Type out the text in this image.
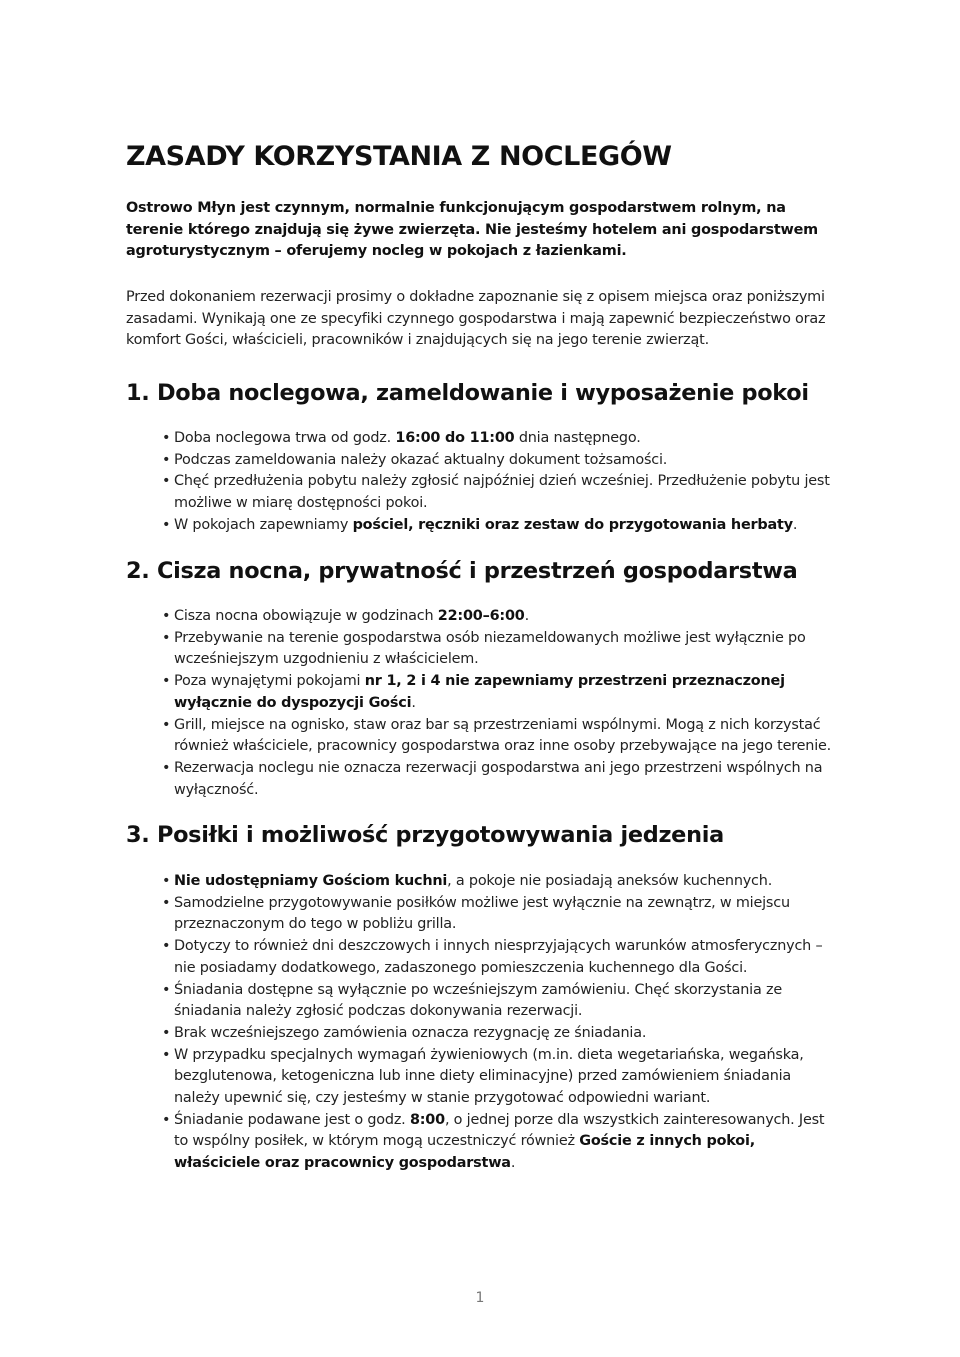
ZASADY KORZYSTANIA Z NOCLEGÓW

Ostrowo Młyn jest czynnym, normalnie funkcjonującym gospodarstwem rolnym, na terenie którego znajdują się żywe zwierzęta. Nie jesteśmy hotelem ani gospodarstwem agroturystycznym – oferujemy nocleg w pokojach z łazienkami.

Przed dokonaniem rezerwacji prosimy o dokładne zapoznanie się z opisem miejsca oraz poniższymi zasadami. Wynikają one ze specyfiki czynnego gospodarstwa i mają zapewnić bezpieczeństwo oraz komfort Gości, właścicieli, pracowników i znajdujących się na jego terenie zwierząt.

1. Doba noclegowa, zameldowanie i wyposażenie pokoi
• Doba noclegowa trwa od godz. 16:00 do 11:00 dnia następnego.
• Podczas zameldowania należy okazać aktualny dokument tożsamości.
• Chęć przedłużenia pobytu należy zgłosić najpóźniej dzień wcześniej. Przedłużenie pobytu jest możliwe w miarę dostępności pokoi.
• W pokojach zapewniamy pościel, ręczniki oraz zestaw do przygotowania herbaty.
2. Cisza nocna, prywatność i przestrzeń gospodarstwa
• Cisza nocna obowiązuje w godzinach 22:00–6:00.
• Przebywanie na terenie gospodarstwa osób niezameldowanych możliwe jest wyłącznie po wcześniejszym uzgodnieniu z właścicielem.
• Poza wynajętymi pokojami nr 1, 2 i 4 nie zapewniamy przestrzeni przeznaczonej wyłącznie do dyspozycji Gości.
• Grill, miejsce na ognisko, staw oraz bar są przestrzeniami wspólnymi. Mogą z nich korzystać również właściciele, pracownicy gospodarstwa oraz inne osoby przebywające na jego terenie.
• Rezerwacja noclegu nie oznacza rezerwacji gospodarstwa ani jego przestrzeni wspólnych na wyłączność.
3. Posiłki i możliwość przygotowywania jedzenia
• Nie udostępniamy Gościom kuchni, a pokoje nie posiadają aneksów kuchennych.
• Samodzielne przygotowywanie posiłków możliwe jest wyłącznie na zewnątrz, w miejscu przeznaczonym do tego w pobliżu grilla.
• Dotyczy to również dni deszczowych i innych niesprzyjających warunków atmosferycznych – nie posiadamy dodatkowego, zadaszonego pomieszczenia kuchennego dla Gości.
• Śniadania dostępne są wyłącznie po wcześniejszym zamówieniu. Chęć skorzystania ze śniadania należy zgłosić podczas dokonywania rezerwacji.
• Brak wcześniejszego zamówienia oznacza rezygnację ze śniadania.
• W przypadku specjalnych wymagań żywieniowych (m.in. dieta wegetariańska, wegańska, bezglutenowa, ketogeniczna lub inne diety eliminacyjne) przed zamówieniem śniadania należy upewnić się, czy jesteśmy w stanie przygotować odpowiedni wariant.
• Śniadanie podawane jest o godz. 8:00, o jednej porze dla wszystkich zainteresowanych. Jest to wspólny posiłek, w którym mogą uczestniczyć również Goście z innych pokoi, właściciele oraz pracownicy gospodarstwa.
1
